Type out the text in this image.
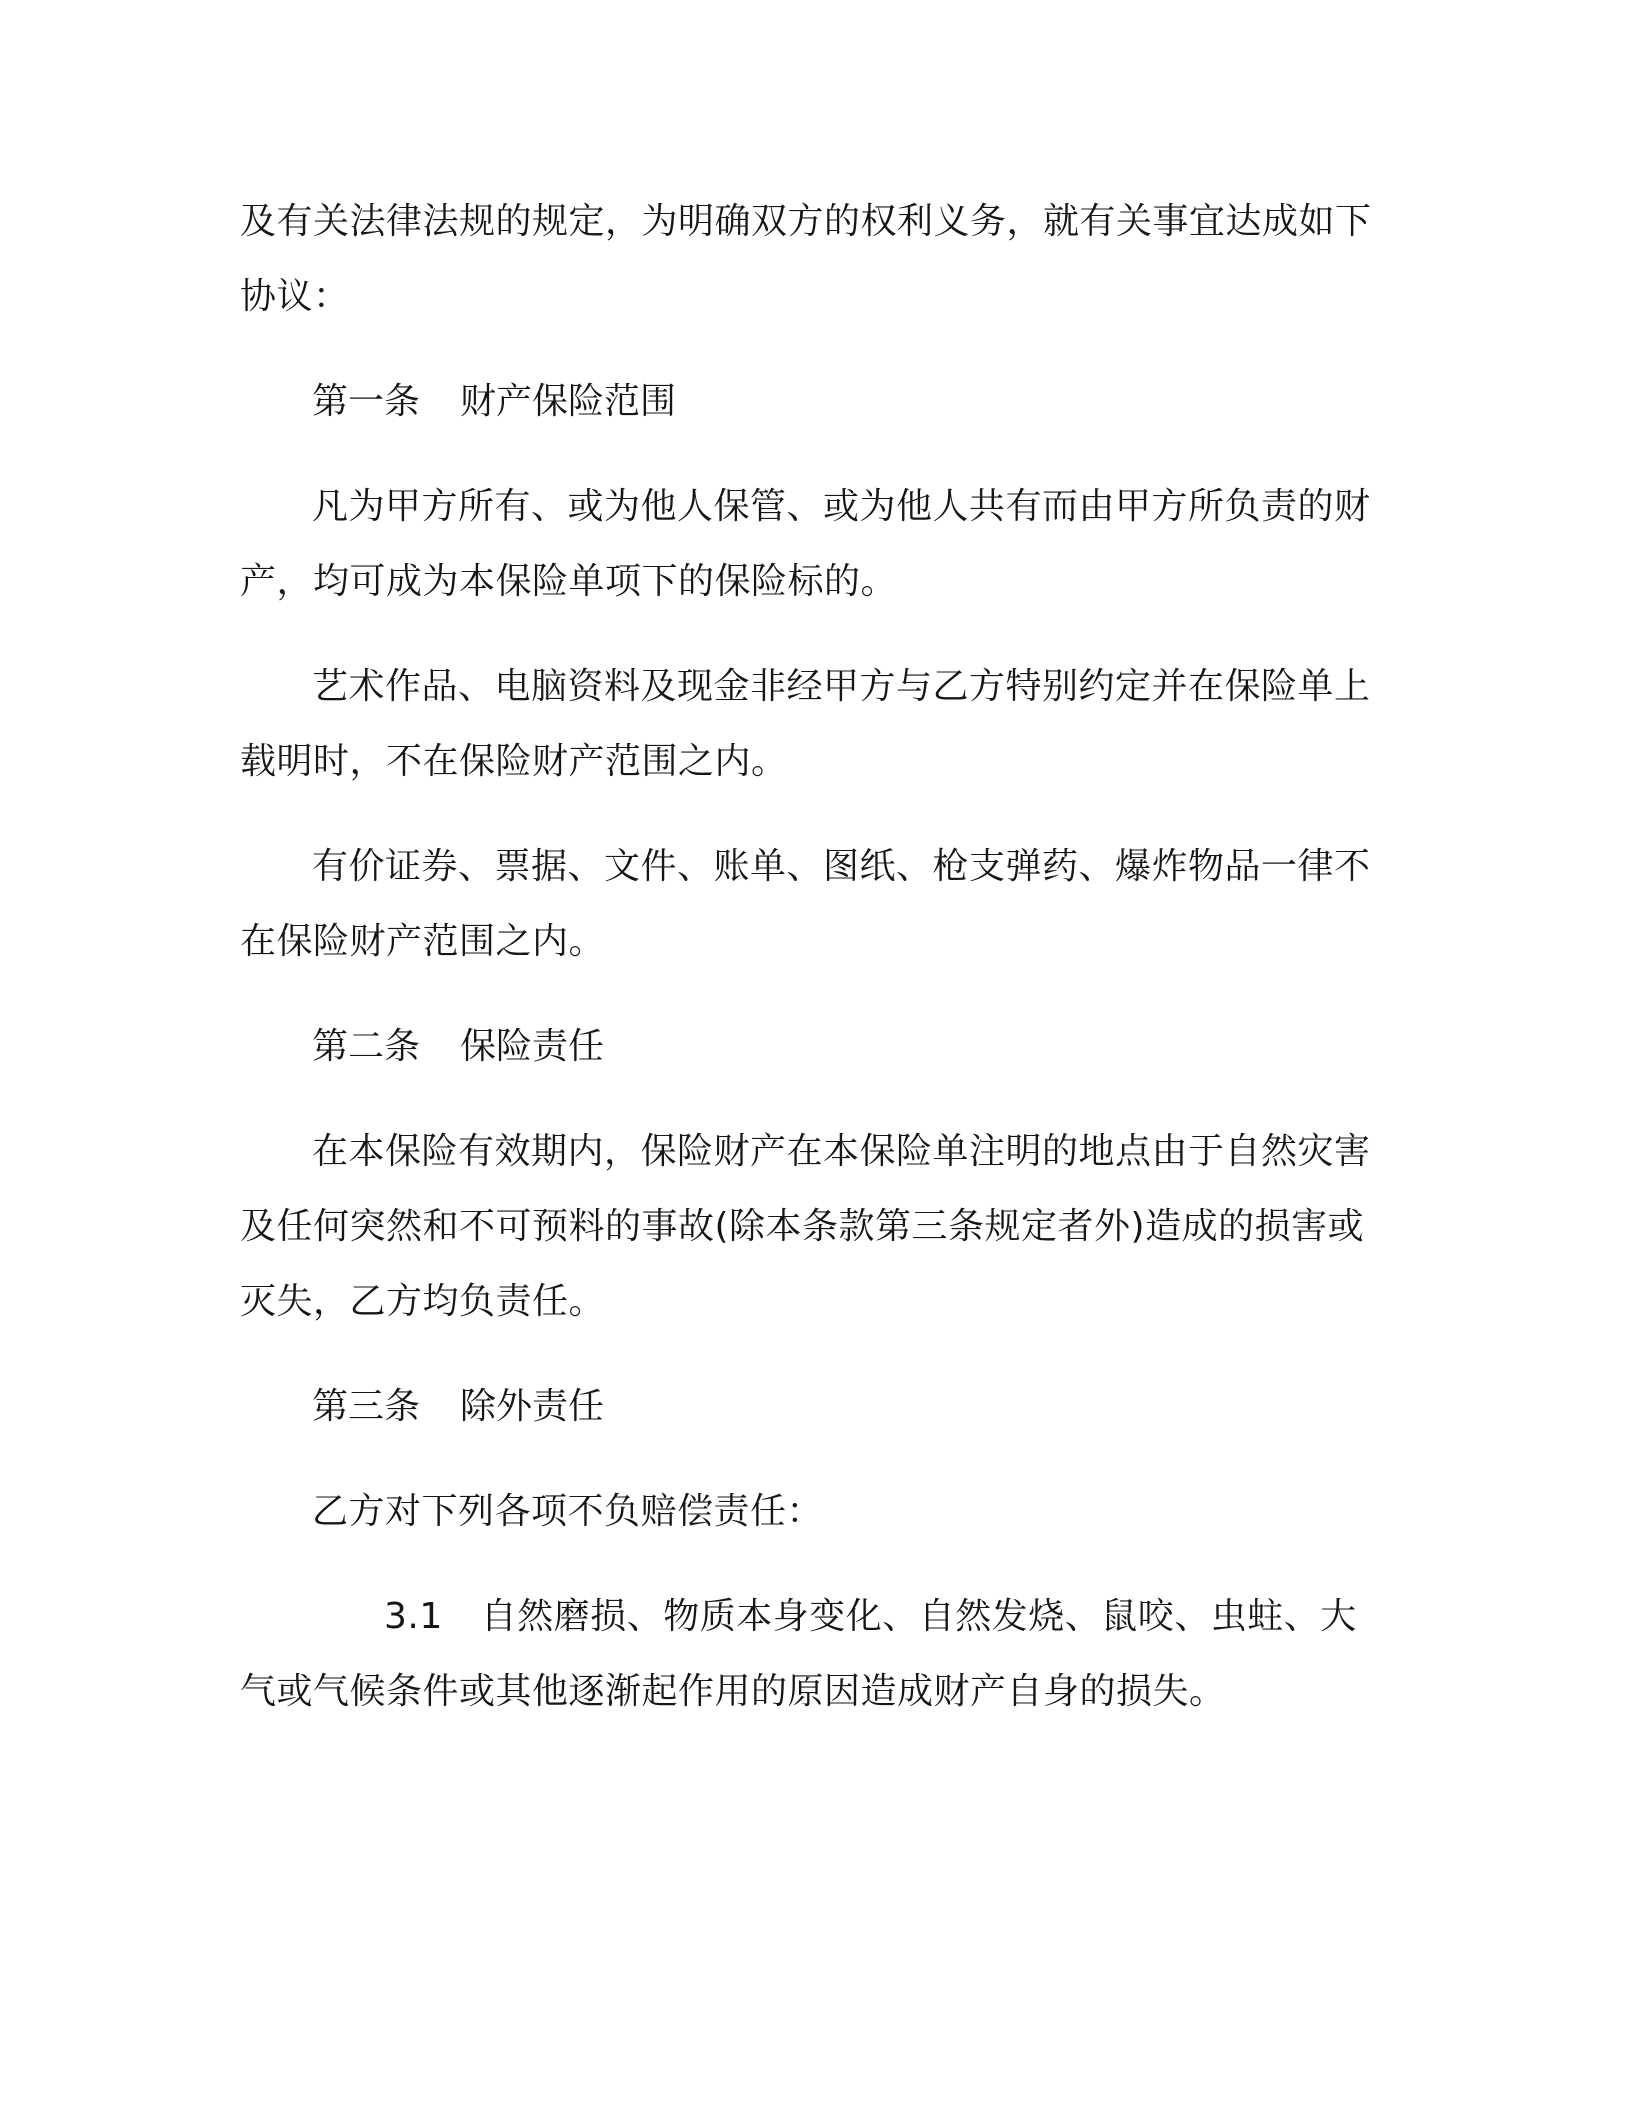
及有关法律法规的规定，为明确双方的权利义务，就有关事宜达成如下协议：

第一条 财产保险范围

凡为甲方所有、或为他人保管、或为他人共有而由甲方所负责的财产，均可成为本保险单项下的保险标的。

艺术作品、电脑资料及现金非经甲方与乙方特别约定并在保险单上载明时，不在保险财产范围之内。

有价证券、票据、文件、账单、图纸、枪支弹药、爆炸物品一律不在保险财产范围之内。

第二条 保险责任

在本保险有效期内，保险财产在本保险单注明的地点由于自然灾害及任何突然和不可预料的事故(除本条款第三条规定者外)造成的损害或灭失，乙方均负责任。

第三条 除外责任

乙方对下列各项不负赔偿责任：

3.1 自然磨损、物质本身变化、自然发烧、鼠咬、虫蛀、大气或气候条件或其他逐渐起作用的原因造成财产自身的损失。
